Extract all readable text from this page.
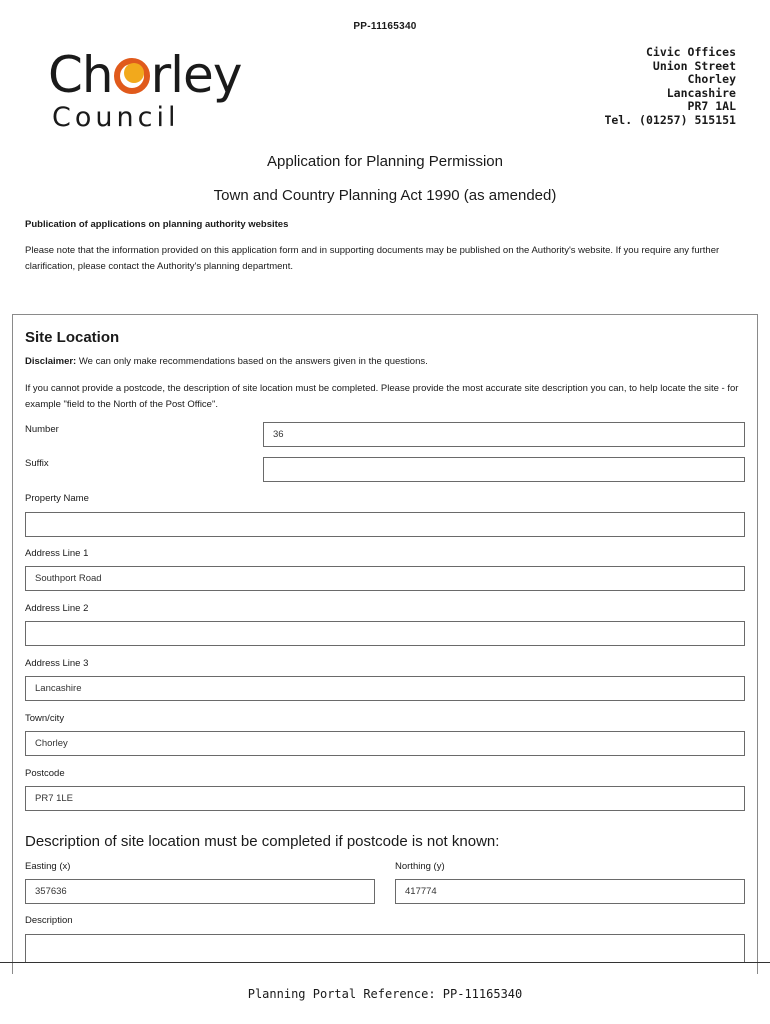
PP-11165340
Ch rley
Council
Civic Offices
Union Street
Chorley
Lancashire
PR7 1AL
Tel. (01257) 515151
Application for Planning Permission
Town and Country Planning Act 1990 (as amended)
Publication of applications on planning authority websites
Please note that the information provided on this application form and in supporting documents may be published on the Authority's website. If you require any further clarification, please contact the Authority's planning department.
Site Location
Disclaimer: We can only make recommendations based on the answers given in the questions.
If you cannot provide a postcode, the description of site location must be completed. Please provide the most accurate site description you can, to help locate the site - for example "field to the North of the Post Office".
Number	36
Suffix
Property Name
Address Line 1
Southport Road
Address Line 2
Address Line 3
Lancashire
Town/city
Chorley
Postcode
PR7 1LE
Description of site location must be completed if postcode is not known:
Easting (x)
357636
Northing (y)
417774
Description
Planning Portal Reference: PP-11165340
